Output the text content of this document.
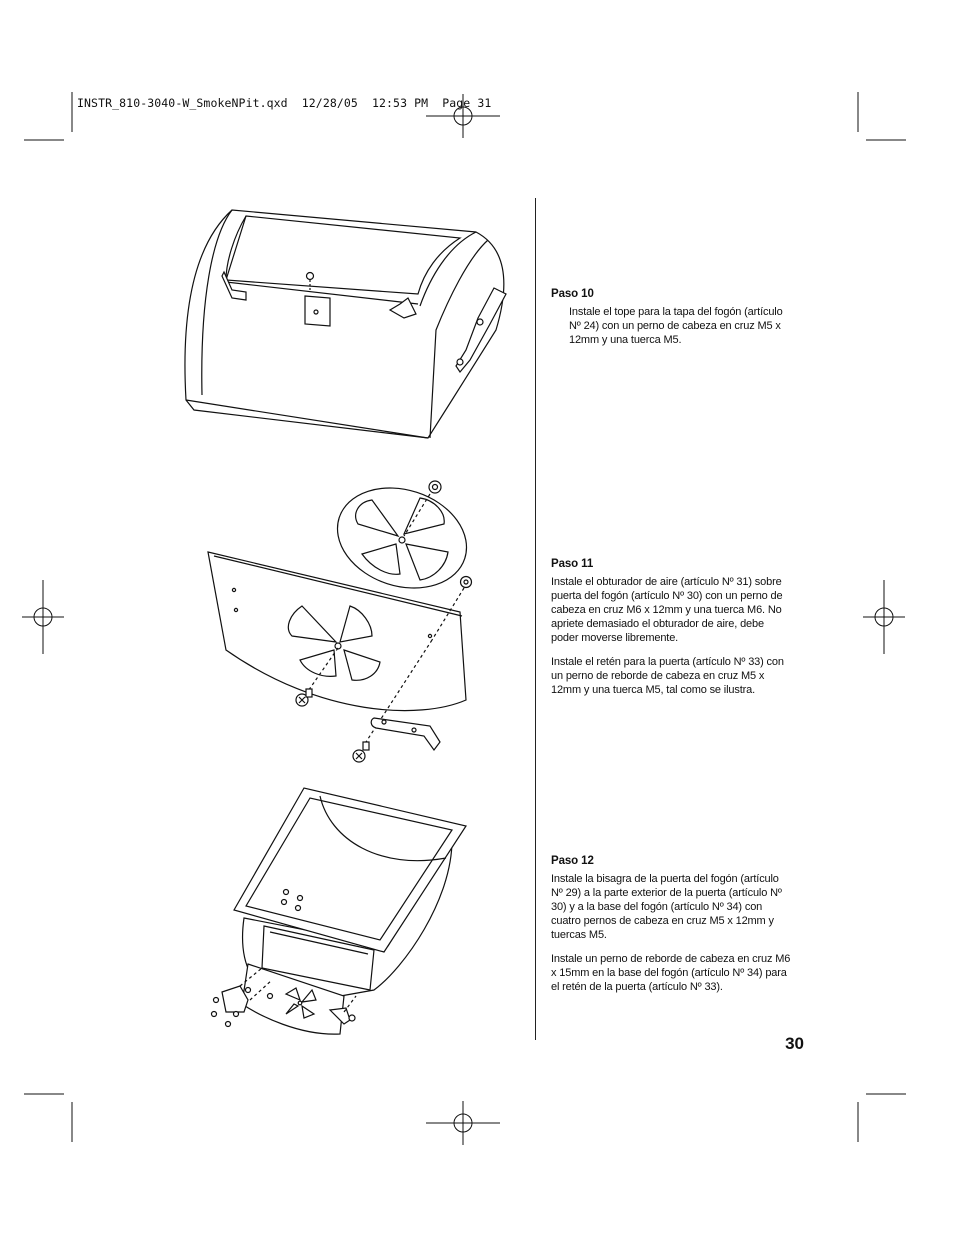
INSTR_810-3040-W_SmokeNPit.qxd  12/28/05  12:53 PM  Page 31
Paso 10

Instale el tope para la tapa del fogón (artículo Nº 24) con un perno de cabeza en cruz M5 x 12mm y una tuerca M5.

Paso 11

Instale el obturador de aire (artículo Nº 31) sobre puerta del fogón (artículo Nº 30) con un perno de cabeza en cruz M6 x 12mm y una tuerca M6. No apriete demasiado el obturador de aire, debe poder moverse libremente.

Instale el retén para la puerta (artículo Nº 33) con un perno de reborde de cabeza en cruz M5 x 12mm y una tuerca M5, tal como se ilustra.

Paso 12

Instale la bisagra de la puerta del fogón (artículo Nº 29) a la parte exterior de la puerta (artículo Nº 30) y a la base del fogón (artículo Nº 34) con cuatro pernos de cabeza en cruz M5 x 12mm y tuercas M5.

Instale un perno de reborde de cabeza en cruz M6 x 15mm en la base del fogón (artículo Nº 34) para el retén de la puerta (artículo Nº 33).

30
